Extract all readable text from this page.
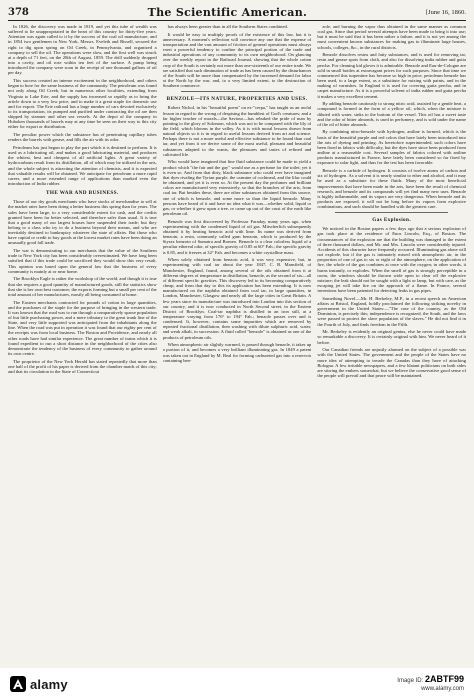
378	The Scientific American.	[June 16, 1860.

In 1826, the discovery was made in 1819, and yet this tube of wealth was suffered to lie unappropriated in the heart of this country for thirty-five years. Attention was again called to it by the success of the coal oil manufacture, and in 1854 two gentlemen in New York, Messrs. Eveleth and Bissell, secured the right to dig upon spring on Oil Creek, in Pennsylvania, and organized a company to sell the oil. The operations were slow, and the first well was struck at a depth of 71 feet, on the 28th of August, 1859. The drill suddenly dropped into a cavity, and oil rose within ten feet of the surface. A pump being introduced the company were soon in the receipt of one thousand gallons of oil per day.

This success created an intense excitement in the neighborhood, and others began to bore for the same business of the community. The petroleum was found not only along Oil Creek, but in numerous other localities, extending from Virginia to Lake Erie, and the supply has increased so rapidly as to bring the article down to a very low price, and to make it a great staple for domestic use and for export. The Erie railroad has a large number of cars devoted exclusively to its transportation, its pumped and purified under contracting the oil are then shipped by steamer and other sea vessels. At the depot of the company in Hoboken thousands of barrels may at any time be seen on their way to this city either for export or distribution.

The peculiar power which the substance has of penetrating capillary tubes renders the barrels with grease, and fills the air with its odor.

Petroleum has just begun to play the part which it is destined to perform. It is used as a lubricating oil, and makes a good lubricating material, and produces the whitest, best and cheapest of all artificial lights. A great variety of hydrocarbons result from its distillation, all of which may be utilized in the arts, and the whole subject is attracting the attention of chemists, and it is expected that valuable results will be obtained. We anticipate for petroleum a more rapid career, and a more extended range of applications than marked even the introduction of India rubber.

THE WAR AND BUSINESS.

Those of our dry goods merchants who have stocks of merchandise to sell at the market rates have been doing a better business this spring than for years. The sales have been large, to a very considerable extent for cash, and the credits granted have been far better selected, and therefore safer than usual. It is true that a good many of our largest houses have suspended their trade; but they belong to a class who try to do a business beyond their means, and who are inevitably destined to bankruptcy whatever the state of affairs. But those who have capital or credit to buy goods at the lowest market rates have been doing an unusually good fall trade.

The war is demonstrating to our merchants that the value of the Southern trade to New York city has been considerably overestimated. We have long been satisfied that if this trade could be sacrificed they would show this very result. This opinion was based upon the general law that the business of every community is mainly at or near home.

The Brooklyn Eagle is rather the workshop of the world, and though it is true that she requires a good quantity of manufactured goods, still the statistics show that she is her own best customer; the exports forming but a small per cent of the total amount of her manufactures, mostly all being consumed at home.

The Eastern merchants contracted for pounds of cotton in large quantities, and the purchases of the staple for the purpose of bringing in the western trade. It was known that the road was to run through a comparatively sparse population of but little purchasing power, and a mere tributary to the great trunk line of the State, and very little supported was anticipated from the inhabitants along the line. When the road was put in operation it was found that our eighty per cent of the receipts was from local business. The Boston and Providence, and nearly all other roads have had similar experience. The great number of trains which it is found expedient to run a short distance in the neighborhood of the cities also demonstrate the tendency of the business of every community to gather around its own centre.

The proprietor of the New York Herald has stated repeatedly that more than one half of the profit of his paper is derived from the chamber maids of this city; and that its circulation in the State of Connecticut

has always been greater than in all the Southern States combined.

It would be easy to multiply proofs of the existence of this law, but it is unnecessary. A moment's reflection will convince any one that the expense of transportation and the vast amount of friction of general operations must always exert a powerful tendency to confine the principal portion of the trade and industrial operations of any community to its own neighborhood. On glancing over the weekly report in the Railroad Journal, showing that the whole cotton crop of the South is certainly not more than one-sixteenth of our entire trade. We are satisfied that such diminution of trade as has been caused by the disturbances of the South will be more than compensated by the increased demand for labor at the North by the war, and, to a very limited extent, to the destruction of Southern commerce.

BENZOLE—ITS NATURE, PROPERTIES AND USES.

Robert Nichol, in his "beautiful poem" on ex-"cerpa," has taught us an awful lesson in regard to the wrong of despising the humblest of God's creatures; and a far higher teacher of morals—the Saviour—has rebuked the pride of man by pointing to the glory of Solomon, which was not to be compared with the lily of the field, which blooms in the valley. As it is with moral lessons drawn from natural objects so it is in regard to useful lessons derived from art and science. Perhaps there is not a more useful and effective substance to be found than coal tar, and yet from it we derive some of the most useful, pleasant and beautiful substances adapted to the wants, the pleasures and tastes of refined and cultivated life.

Who would have imagined that fine fluid substance could be made to yield a product which "the fair and the gay" would use as a perfume for the toilet; yet it is even so. And from that dirty, black substance who could ever have imagined that dyes rivaling the Tyrian purple, the carmine of cochineal, and the lilac could be obtained, and yet it is even so. At the present day the perfumes and brilliant colors are manufactured very extensively, so that the branches of the arts, from coal tar. But besides these, there are other substances obtained from this source, one of which is benzole, and some more so than the liquid benzole. Many persons have heard of it and have no idea what it was—whether solid, liquid or gas; or whether it grew upon a tree, or came up out of the crust of the earth like petroleum oil.

Benzole was first discovered by Professor Faraday, many years ago, when experimenting with the condensed liquid of oil gas. Mitscherlich subsequently obtained it by heating benzoic acid with lime. Its name was derived from benzoin, a resin, commonly called gum benzoin, which is produced by the Styrax benzoin of Sumatra and Borneo. Benzole is a clear colorless liquid of a peculiar ethereal odor, of specific gravity of 0.85 at 60° Fah.; the specific gravity is 0.85, and it freezes at 32° Fah. and becomes a white crystalline mass.

When solely obtained from benzoic acid, it was very expensive, but, in experimenting with coal tar about the year 1847, C. B. Mansfield, of Manchester, England, found, among several of the oils obtained from it at different degrees of temperature in distillation, benzole, as the second of six—all of different specific gravities. This discovery led to its becoming comparatively cheap, and from that day to this its application has been extending. It is now manufactured on the naphtha obtained from coal tar, in large quantities, in London, Manchester, Glasgow and nearly all the large cities in Great Britain. A few years since its manufacture was introduced into London into this section of our country, and it is now conducted in North Second street, in the Eastern District of Brooklyn. Coal-tar naphtha is distilled in an iron still, at a temperature varying from 176° to 194° Fah.; benzole passes over and is condensed. It, however, contains some impurities which are removed by repeated fractional distillation, then washing with dilute sulphuric acid, water, and weak alkali, in succession. A fluid called "benzole" is obtained as one of the products of petroleum oils.

When atmospheric air slightly warmed, is passed through benzole, it takes up a portion of it, and becomes a very brilliant illuminating gas. In 1849 a patent was taken out in England by M. Beal for forming carbureted gas into a reservoir containing ben-

zole, and burning the vapor thus obtained in the same manner as common coal gas. Since that period several attempts have been made to bring it into use; but it must be said that it has been rather a failure, and it is not yet among the most convenient known substances for making gas to illuminate large houses, schools, colleges, &c., in the rural districts.

Benzole dissolves resins and fatty substances, and is used for removing tar, resin and grease spots from cloth, and also for dissolving india rubber and gutta percha. For cleaning kid gloves it is admirable. Benzole and Eau-de-Cologne are sold in small bottles at extravagant prices for such purposes. Since that time we commenced this turpentine has become so high in price, petroleum benzole has been used, to a large extent, as a substitute for mixing with paints, and in the making of varnishes. In England it is used for covering gutta percha, and in carpet manufacture. As it is a powerful solvent of india rubber and gutta percha it makes a very excellent cement.

By adding benzole cautiously to strong nitric acid, assisted by a gentle heat, a compound is formed in the form of a yellow oil, which, when the mixture is diluted with water, sinks to the bottom of the vessel. This oil has a sweet taste and the odor of bitter almonds, is used in perfumery, and is sold under the name of the oil of bitter almonds.

By combining nitro-benzole with hydrogen, aniline is formed, which is the basis of the beautiful purple and red colors that have lately been introduced into the arts of dyeing and printing. As heretofore superintended, such colors have been fixed in fabrics with difficulty, but the dyes have since been produced from aniline at a reasonable cost. Several samples of fabrics colored with aniline products manufactured in France, have lately been considered so far fixed by exposure to solar light, and thus for the test has been favorable.

Benzole is a carbide of hydrogen. It consists of twelve atoms of carbon and six of hydrogen. As a solvent it is nearly similar to ether and alcohol, and it may be used as a substitute for these fluids. Many of the most beneficial improvements that have been made in the arts, have been the result of chemical research, and benzole and its compounds will yet find many new uses. Benzole is highly inflammable, and its vapors are very dangerous. When benzole and its products are exposed, it will not be long before its vapors form explosive combinations, and such should be handled with the greatest care.

Gas Explosion.

We noticed in the Boston papers a few days ago that a serious explosion of gas took place at the residence of Enos Lincoln, Esq., of Boston. The circumstances of the explosion are that the building was damaged to the extent of three thousand dollars, and Mr. and Mrs. Lincoln were considerably injured. Accidents of this character have frequently occurred. Illuminating gas alone will not explode, but if the gas is intimately mixed with atmospheric air, in the proportion of one of gas to six or eight of the atmosphere, on the application of fire, the whole of the gas combines at once with the oxygen; in other words, it burns instantly, or explodes. When the smell of gas is strongly perceptible in a room, the windows should be thrown wide open to clear off the explosive mixture; the leak should not be sought with a light or lamp, but with care, as the escaping jet will take fire on the approach of a flame. In France, several inventions have been patented for detecting leaks in gas pipes.

Something Novel.—Mr. H. Berkeley, M.P., in a recent speech on American affairs at Bristol, England, boldly proclaimed the following striking novelty in government in the United States:—"The case of the country, as the Old Dominion, is precisely this; independence is recognized, the South, and the laws were passed to protect the slave population of the slaves." He did not find it in the Fourth of July, and finds freedom in the Fifth.

Mr. Berkeley is evidently an original genius, else he never could have made so remarkable a discovery. It is certainly original with him. We never heard of it before.

Our Canadian friends are unjustly alarmed on the subject of a possible war with the United States. The government and the people of the States have no more idea of attempting to invade the Canadas than they have of attacking Bologna. A few irritable newspapers, and a few blatant politicians on both sides are stirring the embers somewhat, but we believe the conservative good sense of the people will prevail and that peace will be maintained.

alamy	Image ID: 2ABTF99
www.alamy.com
